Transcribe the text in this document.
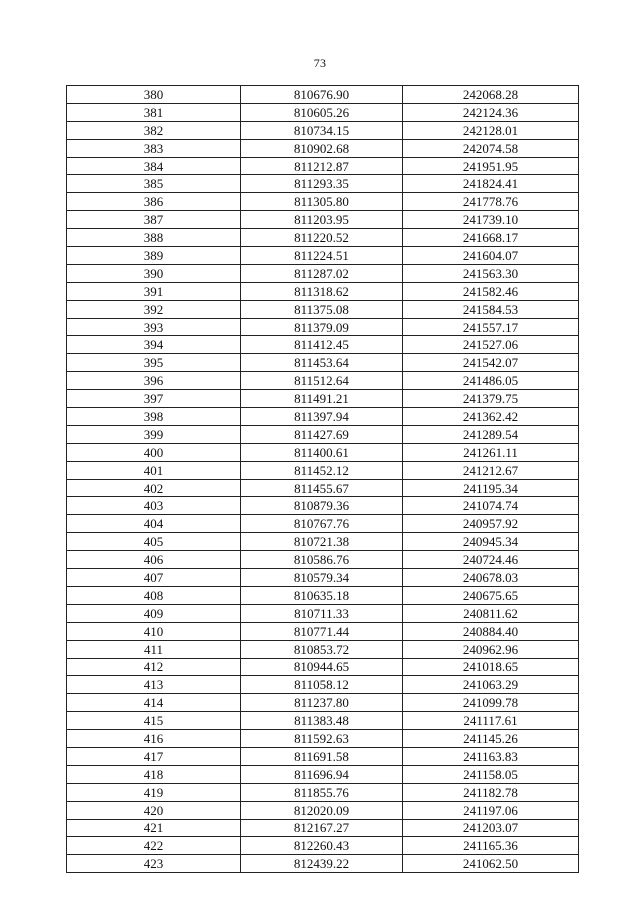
73
380	810676.90	242068.28
381	810605.26	242124.36
382	810734.15	242128.01
383	810902.68	242074.58
384	811212.87	241951.95
385	811293.35	241824.41
386	811305.80	241778.76
387	811203.95	241739.10
388	811220.52	241668.17
389	811224.51	241604.07
390	811287.02	241563.30
391	811318.62	241582.46
392	811375.08	241584.53
393	811379.09	241557.17
394	811412.45	241527.06
395	811453.64	241542.07
396	811512.64	241486.05
397	811491.21	241379.75
398	811397.94	241362.42
399	811427.69	241289.54
400	811400.61	241261.11
401	811452.12	241212.67
402	811455.67	241195.34
403	810879.36	241074.74
404	810767.76	240957.92
405	810721.38	240945.34
406	810586.76	240724.46
407	810579.34	240678.03
408	810635.18	240675.65
409	810711.33	240811.62
410	810771.44	240884.40
411	810853.72	240962.96
412	810944.65	241018.65
413	811058.12	241063.29
414	811237.80	241099.78
415	811383.48	241117.61
416	811592.63	241145.26
417	811691.58	241163.83
418	811696.94	241158.05
419	811855.76	241182.78
420	812020.09	241197.06
421	812167.27	241203.07
422	812260.43	241165.36
423	812439.22	241062.50
